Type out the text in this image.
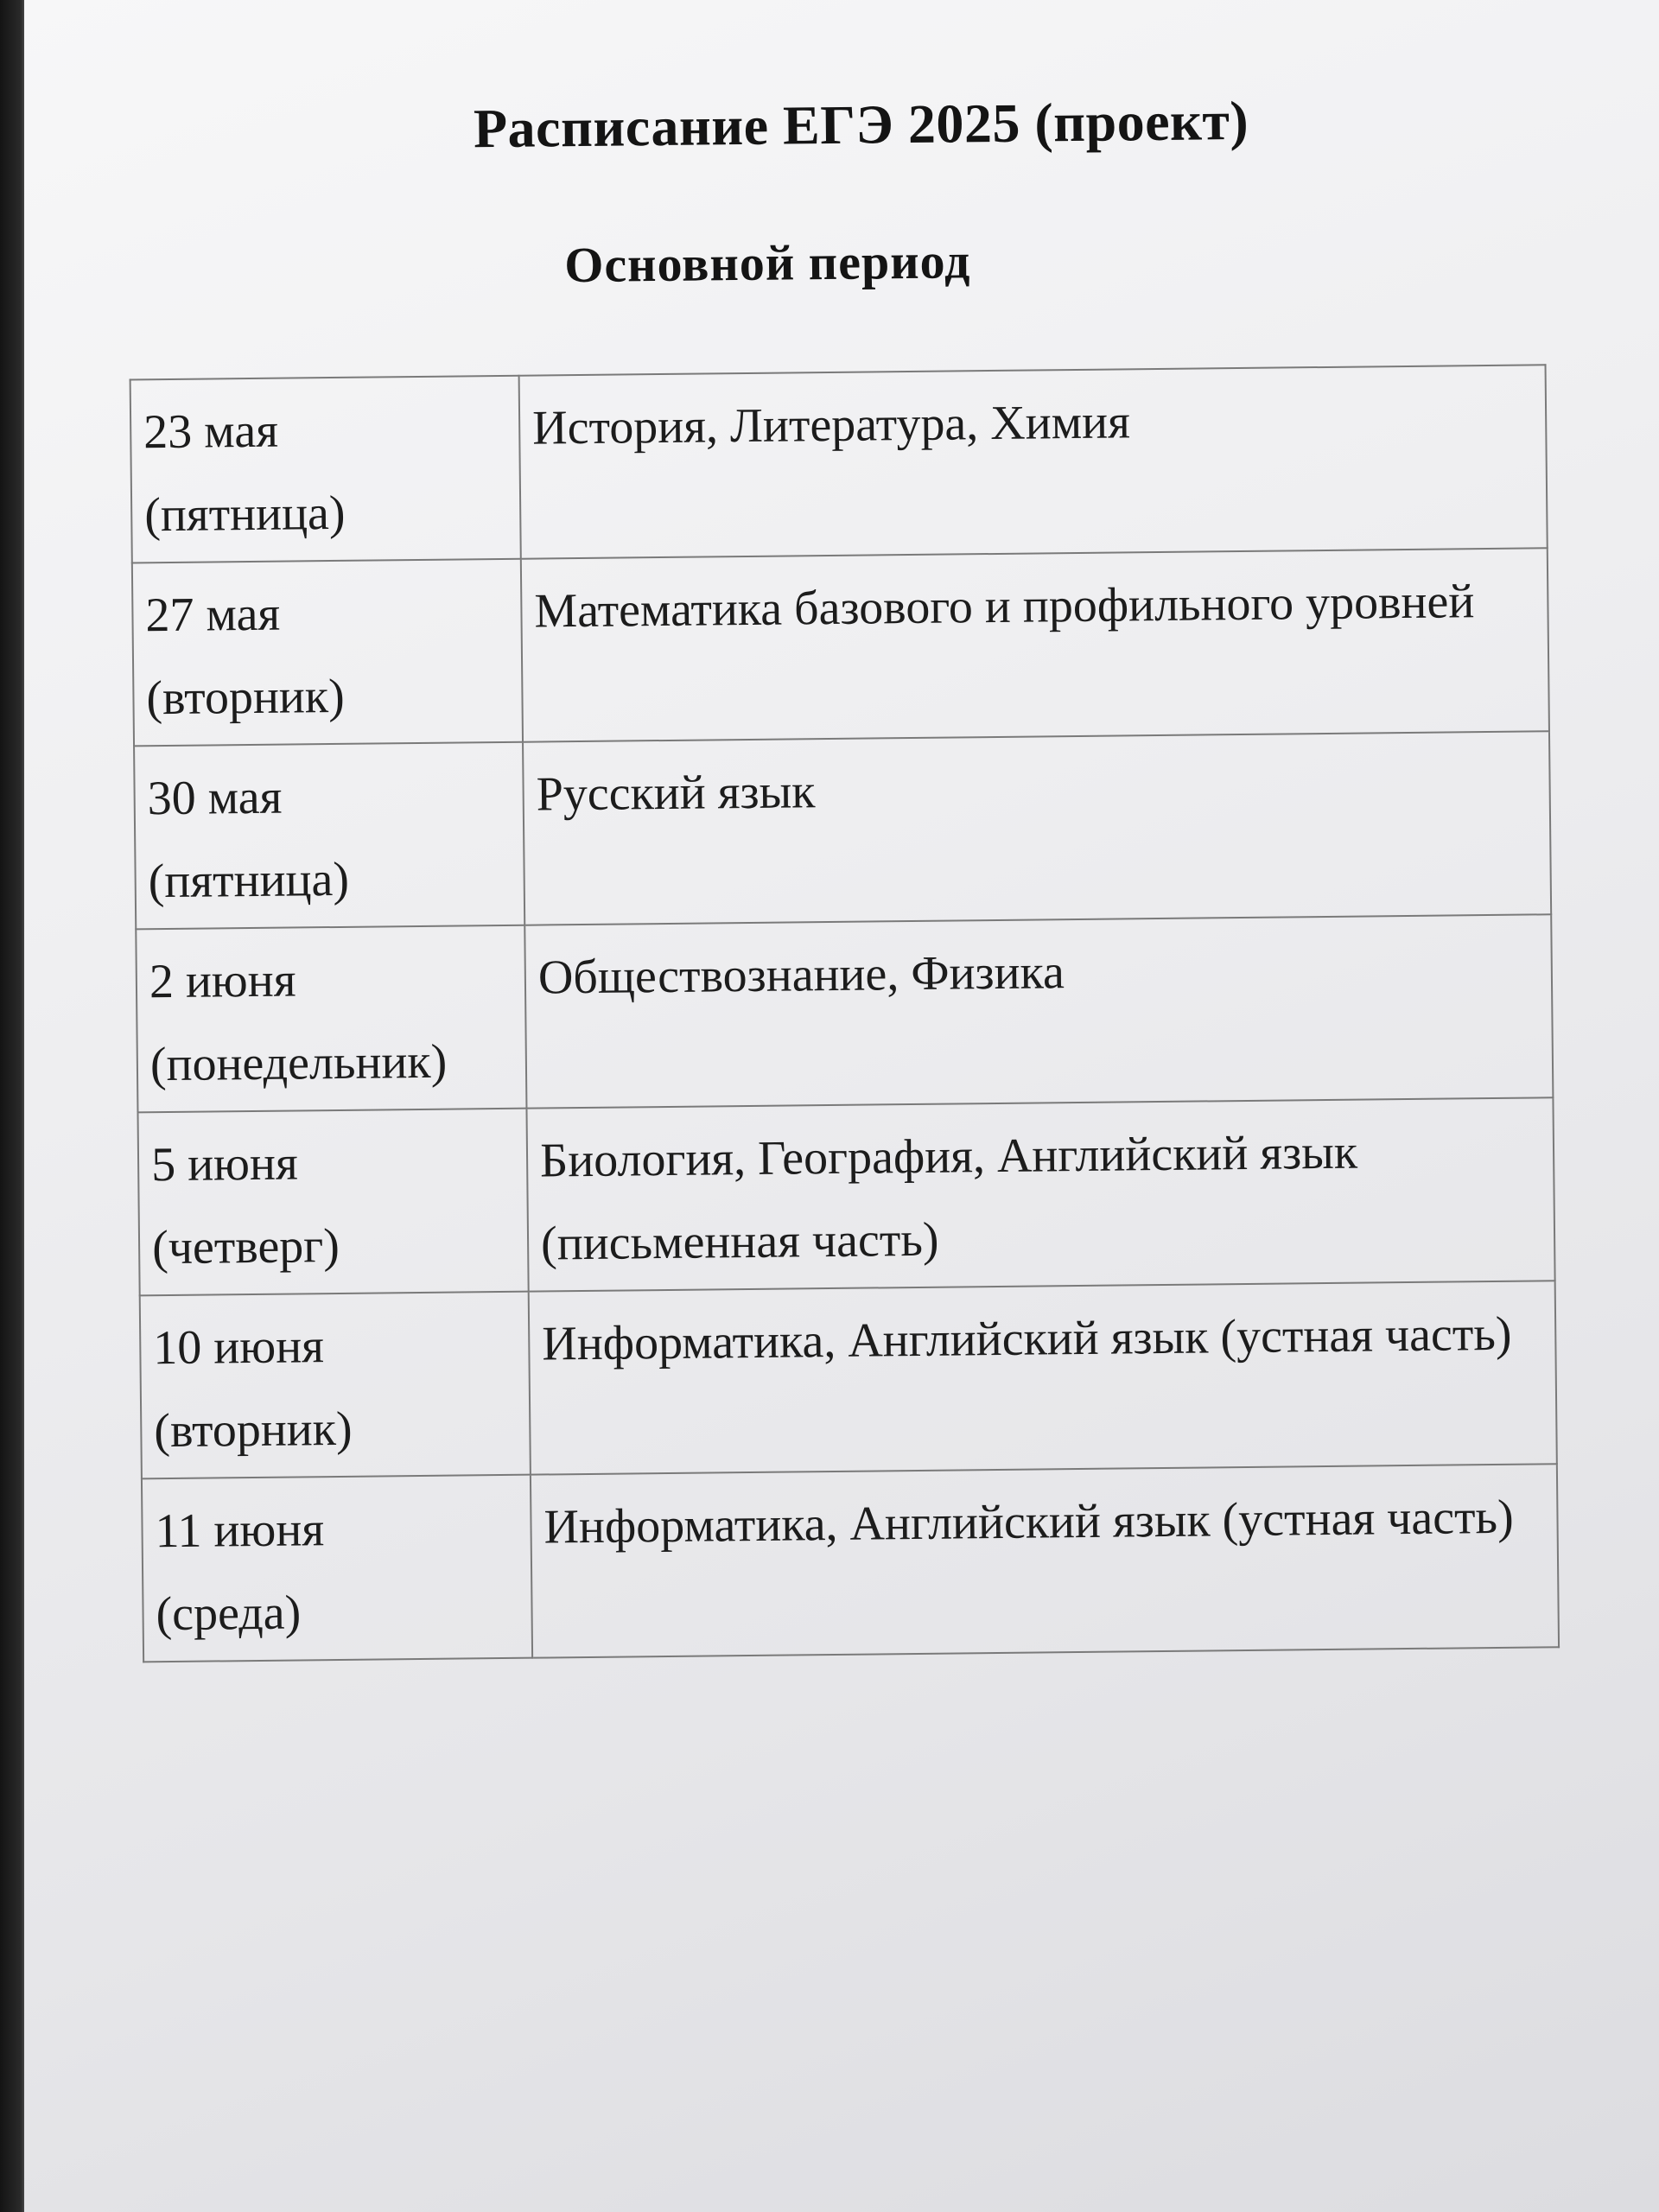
Расписание ЕГЭ 2025 (проект)
Основной период
23 мая
(пятница)	История, Литература, Химия

27 мая
(вторник)	Математика базового и профильного уровней

30 мая
(пятница)	Русский язык

2 июня
(понедельник)	Обществознание, Физика

5 июня
(четверг)	Биология, География, Английский язык (письменная часть)

10 июня
(вторник)	Информатика, Английский язык (устная часть)

11 июня
(среда)	Информатика, Английский язык (устная часть)
